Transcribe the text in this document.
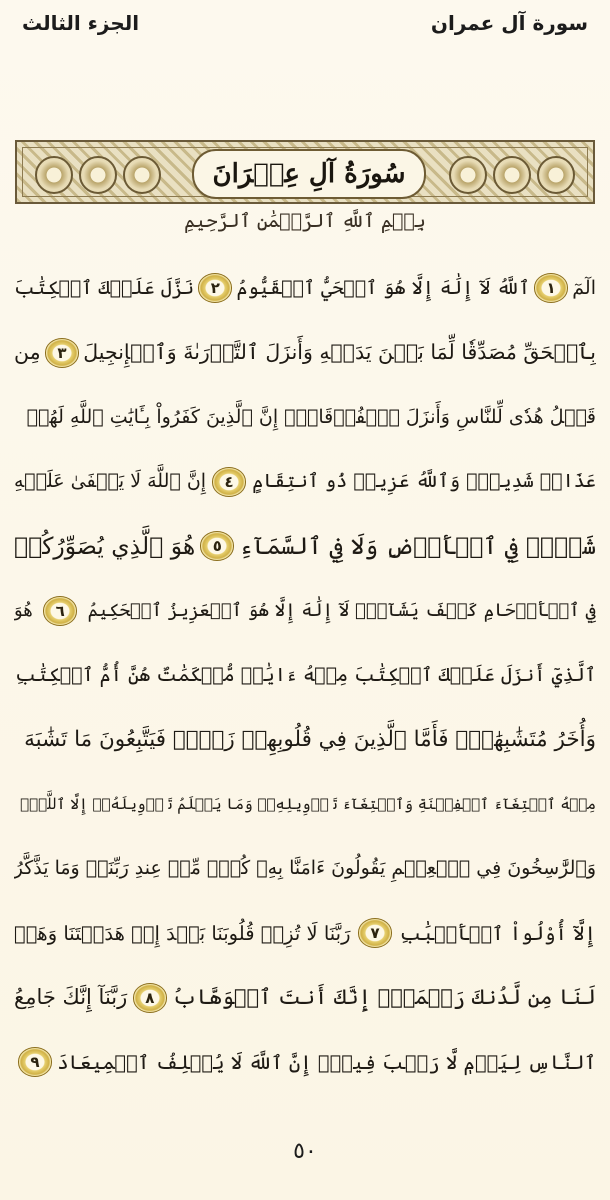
سورة آل عمران
الجزء الثالث
سُورَةُ آلِ عِمۡرَانَ
بِسۡمِ ٱللَّهِ ٱلرَّحۡمَٰنِ ٱلرَّحِيمِ
الٓمٓ
١
ٱللَّهُ لَآ إِلَٰهَ إِلَّا هُوَ ٱلۡحَيُّ ٱلۡقَيُّومُ
٢
نَزَّلَ عَلَيۡكَ ٱلۡكِتَٰبَ
بِٱلۡحَقِّ مُصَدِّقٗا لِّمَا بَيۡنَ يَدَيۡهِ وَأَنزَلَ ٱلتَّوۡرَىٰةَ وَٱلۡإِنجِيلَ
٣
مِن
قَبۡلُ هُدٗى لِّلنَّاسِ وَأَنزَلَ ٱلۡفُرۡقَانَۗ إِنَّ ٱلَّذِينَ كَفَرُواْ بِـَٔايَٰتِ ٱللَّهِ لَهُمۡ
عَذَابٞ شَدِيدٞۗ وَٱللَّهُ عَزِيزٞ ذُو ٱنتِقَامٍ
٤
إِنَّ ٱللَّهَ لَا يَخۡفَىٰ عَلَيۡهِ
شَيۡءٞ فِي ٱلۡأَرۡضِ وَلَا فِي ٱلسَّمَآءِ
٥
هُوَ ٱلَّذِي يُصَوِّرُكُمۡ
فِي ٱلۡأَرۡحَامِ كَيۡفَ يَشَآءُۚ لَآ إِلَٰهَ إِلَّا هُوَ ٱلۡعَزِيزُ ٱلۡحَكِيمُ
٦
هُوَ
ٱلَّذِيٓ أَنزَلَ عَلَيۡكَ ٱلۡكِتَٰبَ مِنۡهُ ءَايَٰتٞ مُّحۡكَمَٰتٌ هُنَّ أُمُّ ٱلۡكِتَٰبِ
وَأُخَرُ مُتَشَٰبِهَٰتٞۖ فَأَمَّا ٱلَّذِينَ فِي قُلُوبِهِمۡ زَيۡغٞ فَيَتَّبِعُونَ مَا تَشَٰبَهَ
مِنۡهُ ٱبۡتِغَآءَ ٱلۡفِتۡنَةِ وَٱبۡتِغَآءَ تَأۡوِيلِهِۦۖ وَمَا يَعۡلَمُ تَأۡوِيلَهُۥٓ إِلَّا ٱللَّهُۗ
وَٱلرَّٰسِخُونَ فِي ٱلۡعِلۡمِ يَقُولُونَ ءَامَنَّا بِهِۦ كُلّٞ مِّنۡ عِندِ رَبِّنَاۗ وَمَا يَذَّكَّرُ
إِلَّآ أُوْلُواْ ٱلۡأَلۡبَٰبِ
٧
رَبَّنَا لَا تُزِغۡ قُلُوبَنَا بَعۡدَ إِذۡ هَدَيۡتَنَا وَهَبۡ
لَنَا مِن لَّدُنكَ رَحۡمَةًۚ إِنَّكَ أَنتَ ٱلۡوَهَّابُ
٨
رَبَّنَآ إِنَّكَ جَامِعُ
ٱلنَّاسِ لِيَوۡمٖ لَّا رَيۡبَ فِيهِۚ إِنَّ ٱللَّهَ لَا يُخۡلِفُ ٱلۡمِيعَادَ
٩
٥٠
